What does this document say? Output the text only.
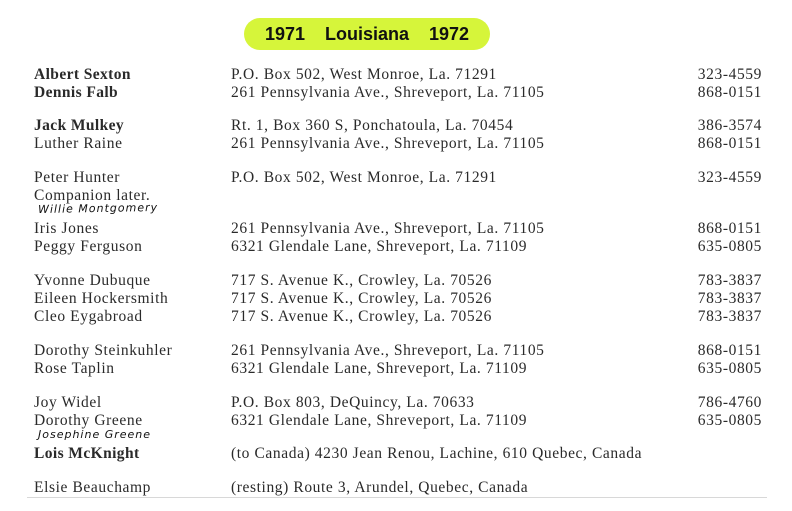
1971    Louisiana    1972
Albert Sexton	P.O. Box 502, West Monroe, La. 71291	323-4559
Dennis Falb	261 Pennsylvania Ave., Shreveport, La. 71105	868-0151
Jack Mulkey	Rt. 1, Box 360 S, Ponchatoula, La. 70454	386-3574
Luther Raine	261 Pennsylvania Ave., Shreveport, La. 71105	868-0151
Peter Hunter	P.O. Box 502, West Monroe, La. 71291	323-4559
Companion later.
Willie Montgomery
Iris Jones	261 Pennsylvania Ave., Shreveport, La. 71105	868-0151
Peggy Ferguson	6321 Glendale Lane, Shreveport, La. 71109	635-0805
Yvonne Dubuque	717 S. Avenue K., Crowley, La. 70526	783-3837
Eileen Hockersmith	717 S. Avenue K., Crowley, La. 70526	783-3837
Cleo Eygabroad	717 S. Avenue K., Crowley, La. 70526	783-3837
Dorothy Steinkuhler	261 Pennsylvania Ave., Shreveport, La. 71105	868-0151
Rose Taplin	6321 Glendale Lane, Shreveport, La. 71109	635-0805
Joy Widel	P.O. Box 803, DeQuincy, La. 70633	786-4760
Dorothy Greene	6321 Glendale Lane, Shreveport, La. 71109	635-0805
Josephine Greene
Lois McKnight	(to Canada) 4230 Jean Renou, Lachine, 610 Quebec, Canada
Elsie Beauchamp	(resting) Route 3, Arundel, Quebec, Canada
